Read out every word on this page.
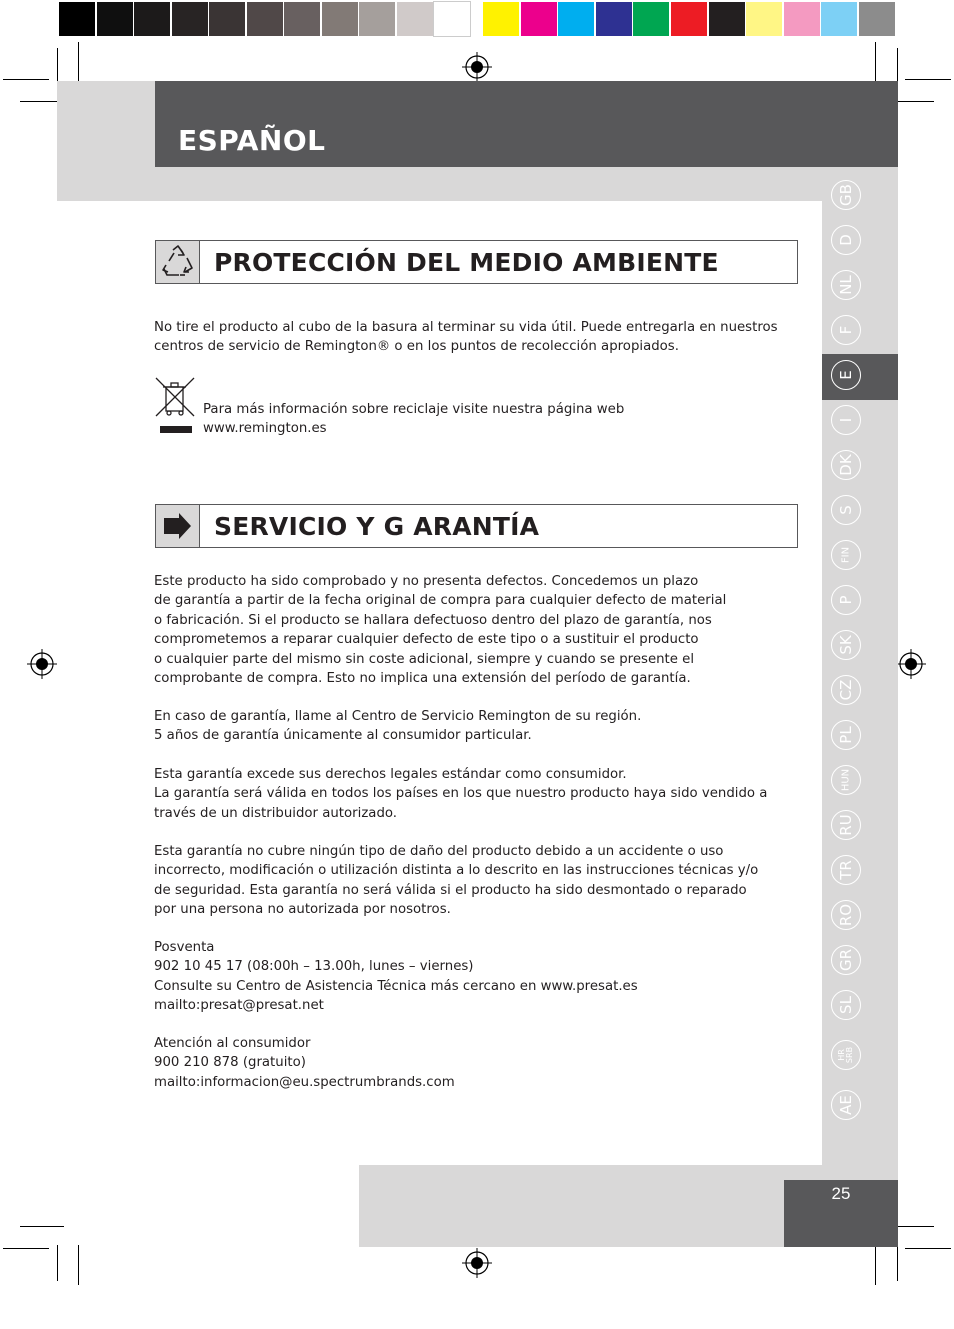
ESPAÑOL
GB
D
NL
F
E
I
DK
S
FIN
P
SK
CZ
PL
HUN
RU
TR
RO
GR
SL
HR
SRB
AE
25
PROTECCIÓN DEL MEDIO AMBIENTE

No tire el producto al cubo de la basura al terminar su vida útil. Puede entregarla en nuestros
centros de servicio de Remington® o en los puntos de recolección apropiados.

Para más información sobre reciclaje visite nuestra página web
www.remington.es

SERVICIO Y G ARANTÍA

Este producto ha sido comprobado y no presenta defectos. Concedemos un plazo
de garantía a partir de la fecha original de compra para cualquier defecto de material
o fabricación. Si el producto se hallara defectuoso dentro del plazo de garantía, nos
comprometemos a reparar cualquier defecto de este tipo o a sustituir el producto
o cualquier parte del mismo sin coste adicional, siempre y cuando se presente el
comprobante de compra. Esto no implica una extensión del período de garantía.

En caso de garantía, llame al Centro de Servicio Remington de su región.
5 años de garantía únicamente al consumidor particular.

Esta garantía excede sus derechos legales estándar como consumidor.
La garantía será válida en todos los países en los que nuestro producto haya sido vendido a
través de un distribuidor autorizado.

Esta garantía no cubre ningún tipo de daño del producto debido a un accidente o uso
incorrecto, modificación o utilización distinta a lo descrito en las instrucciones técnicas y/o
de seguridad. Esta garantía no será válida si el producto ha sido desmontado o reparado
por una persona no autorizada por nosotros.

Posventa
902 10 45 17 (08:00h – 13.00h, lunes – viernes)
Consulte su Centro de Asistencia Técnica más cercano en www.presat.es
mailto:presat@presat.net

Atención al consumidor
900 210 878 (gratuito)
mailto:informacion@eu.spectrumbrands.com
